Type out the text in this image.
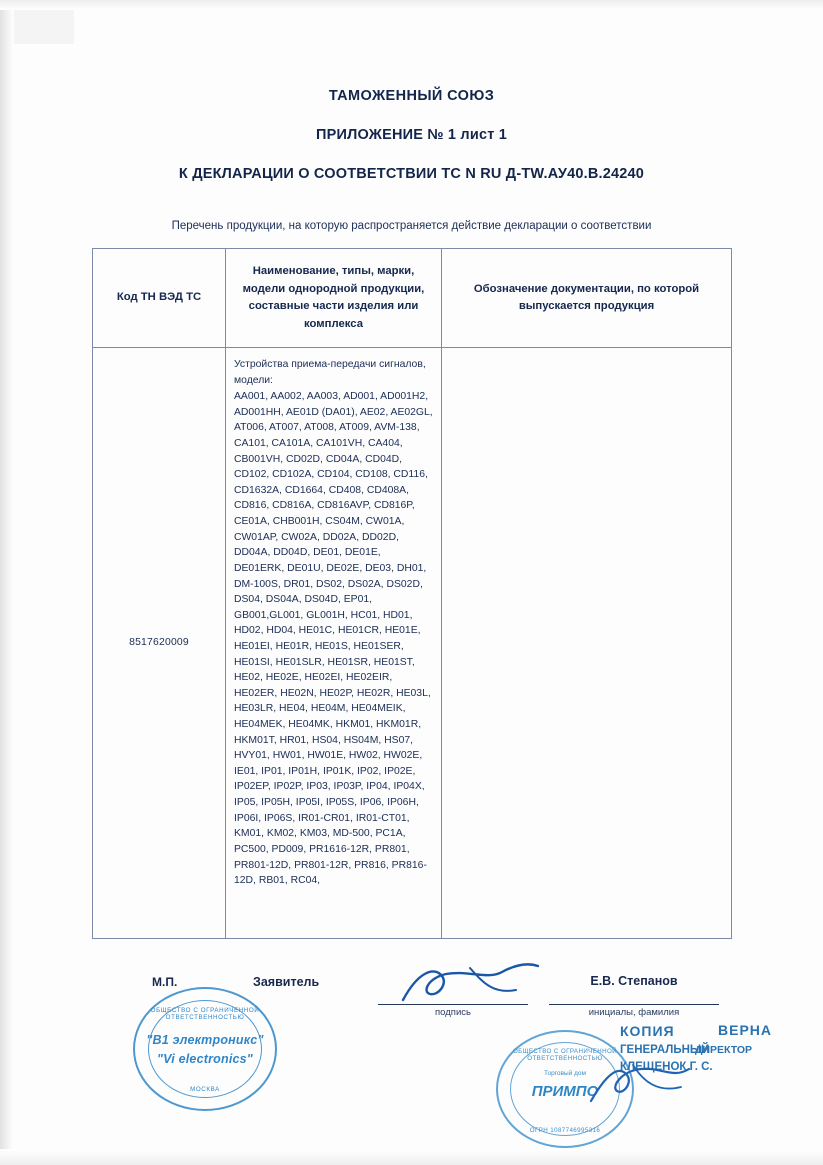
ТАМОЖЕННЫЙ СОЮЗ
ПРИЛОЖЕНИЕ № 1 лист 1
К ДЕКЛАРАЦИИ О СООТВЕТСТВИИ ТС N RU Д-TW.АУ40.В.24240
Перечень продукции, на которую распространяется действие декларации о соответствии
Код ТН ВЭД ТС
Наименование, типы, марки, модели однородной продукции, составные части изделия или комплекса
Обозначение документации, по которой выпускается продукция
8517620009
Устройства приема-передачи сигналов, модели:
AA001, AA002, AA003, AD001, AD001H2, AD001HH, AE01D (DA01), AE02, AE02GL, AT006, AT007, AT008, AT009, AVM-138, CA101, CA101A, CA101VH, CA404, CB001VH, CD02D, CD04A, CD04D, CD102, CD102A, CD104, CD108, CD116, CD1632A, CD1664, CD408, CD408A, CD816, CD816A, CD816AVP, CD816P, CE01A, CHB001H, CS04M, CW01A, CW01AP, CW02A, DD02A, DD02D, DD04A, DD04D, DE01, DE01E, DE01ERK, DE01U, DE02E, DE03, DH01, DM-100S, DR01, DS02, DS02A, DS02D, DS04, DS04A, DS04D, EP01, GB001,GL001, GL001H, HC01, HD01, HD02, HD04, HE01C, HE01CR, HE01E, HE01EI, HE01R, HE01S, HE01SER, HE01SI, HE01SLR, HE01SR, HE01ST, HE02, HE02E, HE02EI, HE02EIR, HE02ER, HE02N, HE02P, HE02R, HE03L, HE03LR, HE04, HE04M, HE04MEIK, HE04MEK, HE04MK, HKM01, HKM01R, HKM01T, HR01, HS04, HS04M, HS07, HVY01, HW01, HW01E, HW02, HW02E, IE01, IP01, IP01H, IP01K, IP02, IP02E, IP02EP, IP02P, IP03, IP03P, IP04, IP04X, IP05, IP05H, IP05I, IP05S, IP06, IP06H, IP06I, IP06S, IR01-CR01, IR01-CT01, KM01, KM02, KM03, MD-500, PC1A, PC500, PD009, PR1616-12R, PR801, PR801-12D, PR801-12R, PR816, PR816-12D, RB01, RC04,
М.П.	Заявитель
подпись
Е.В. Степанов
инициалы, фамилия
ОБЩЕСТВО С ОГРАНИЧЕННОЙ ОТВЕТСТВЕННОСТЬЮ
"В1 электроникс"
"Vi electronics"
МОСКВА
ОБЩЕСТВО С ОГРАНИЧЕННОЙ ОТВЕТСТВЕННОСТЬЮ
Торговый дом
ПРИМПО
ОГРН 1087746995316
КОПИЯ
ГЕНЕРАЛЬНЫЙ
КЛЕЩЕНОК Г. С.
ВЕРНА
ДИРЕКТОР
